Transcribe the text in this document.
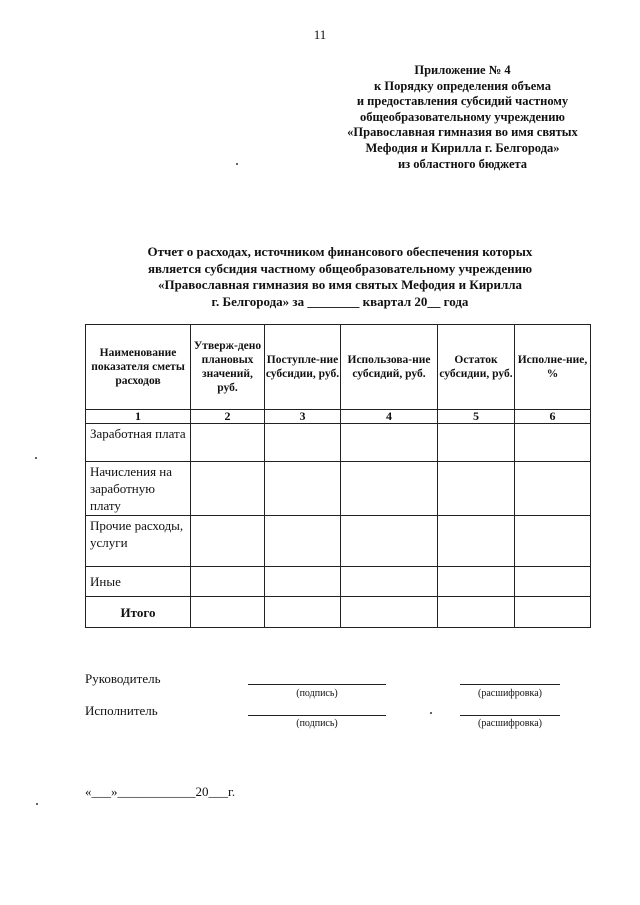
11
Приложение № 4
к Порядку определения объема
и предоставления субсидий частному
общеобразовательному учреждению
«Православная гимназия во имя святых
Мефодия и Кирилла г. Белгорода»
из областного бюджета
Отчет о расходах, источником финансового обеспечения которых
является субсидия частному общеобразовательному учреждению
«Православная гимназия во имя святых Мефодия и Кирилла
г. Белгорода» за ________ квартал 20__ года
Наименование показателя сметы расходов	Утверж-дено плановых значений, руб.	Поступле-ние субсидии, руб.	Использова-ние субсидий, руб.	Остаток субсидии, руб.	Исполне-ние, %
1	2	3	4	5	6
Заработная плата					
Начисления на заработную плату					
Прочие расходы, услуги					
Иные					
Итого					
Руководитель
(подпись)	(расшифровка)
Исполнитель
(подпись)	(расшифровка)
«___»____________20___г.
